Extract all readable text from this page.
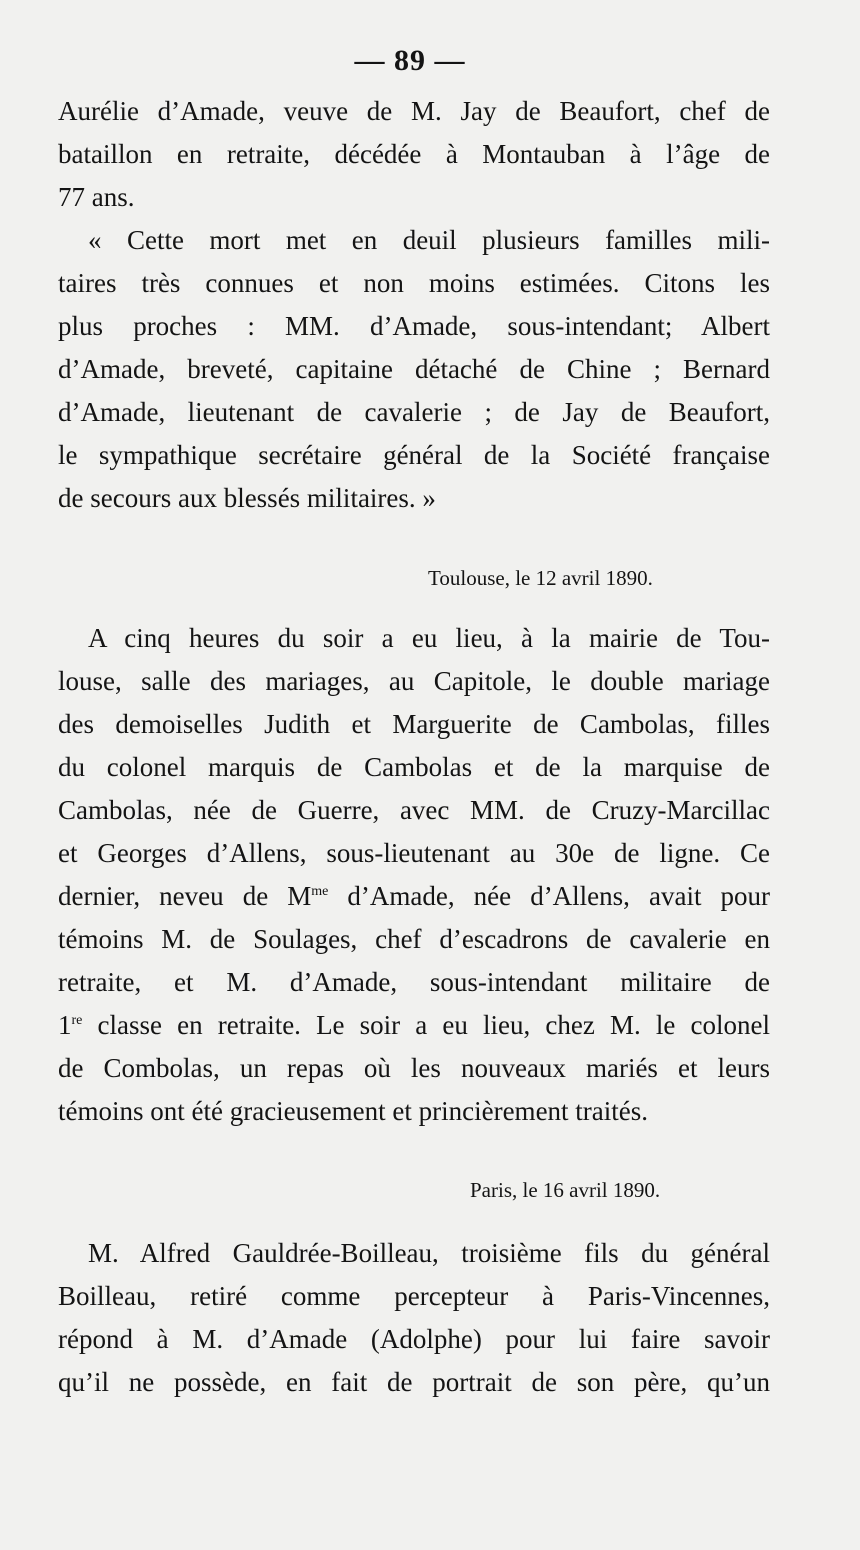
— 89 —
Aurélie d’Amade, veuve de M. Jay de Beaufort, chef de
bataillon en retraite, décédée à Montauban à l’âge de
77 ans.
« Cette mort met en deuil plusieurs familles mili-
taires très connues et non moins estimées. Citons les
plus proches : MM. d’Amade, sous-intendant; Albert
d’Amade, breveté, capitaine détaché de Chine ; Bernard
d’Amade, lieutenant de cavalerie ; de Jay de Beaufort,
le sympathique secrétaire général de la Société française
de secours aux blessés militaires. »
Toulouse, le 12 avril 1890.
A cinq heures du soir a eu lieu, à la mairie de Tou-
louse, salle des mariages, au Capitole, le double mariage
des demoiselles Judith et Marguerite de Cambolas, filles
du colonel marquis de Cambolas et de la marquise de
Cambolas, née de Guerre, avec MM. de Cruzy-Marcillac
et Georges d’Allens, sous-lieutenant au 30e de ligne. Ce
dernier, neveu de $M^{me}$ d’Amade, née d’Allens, avait pour
témoins M. de Soulages, chef d’escadrons de cavalerie en
retraite, et M. d’Amade, sous-intendant militaire de
1re classe en retraite. Le soir a eu lieu, chez M. le colonel
de Combolas, un repas où les nouveaux mariés et leurs
témoins ont été gracieusement et princièrement traités.
Paris, le 16 avril 1890.
M. Alfred Gauldrée-Boilleau, troisième fils du général
Boilleau, retiré comme percepteur à Paris-Vincennes,
répond à M. d’Amade (Adolphe) pour lui faire savoir
qu’il ne possède, en fait de portrait de son père, qu’un
